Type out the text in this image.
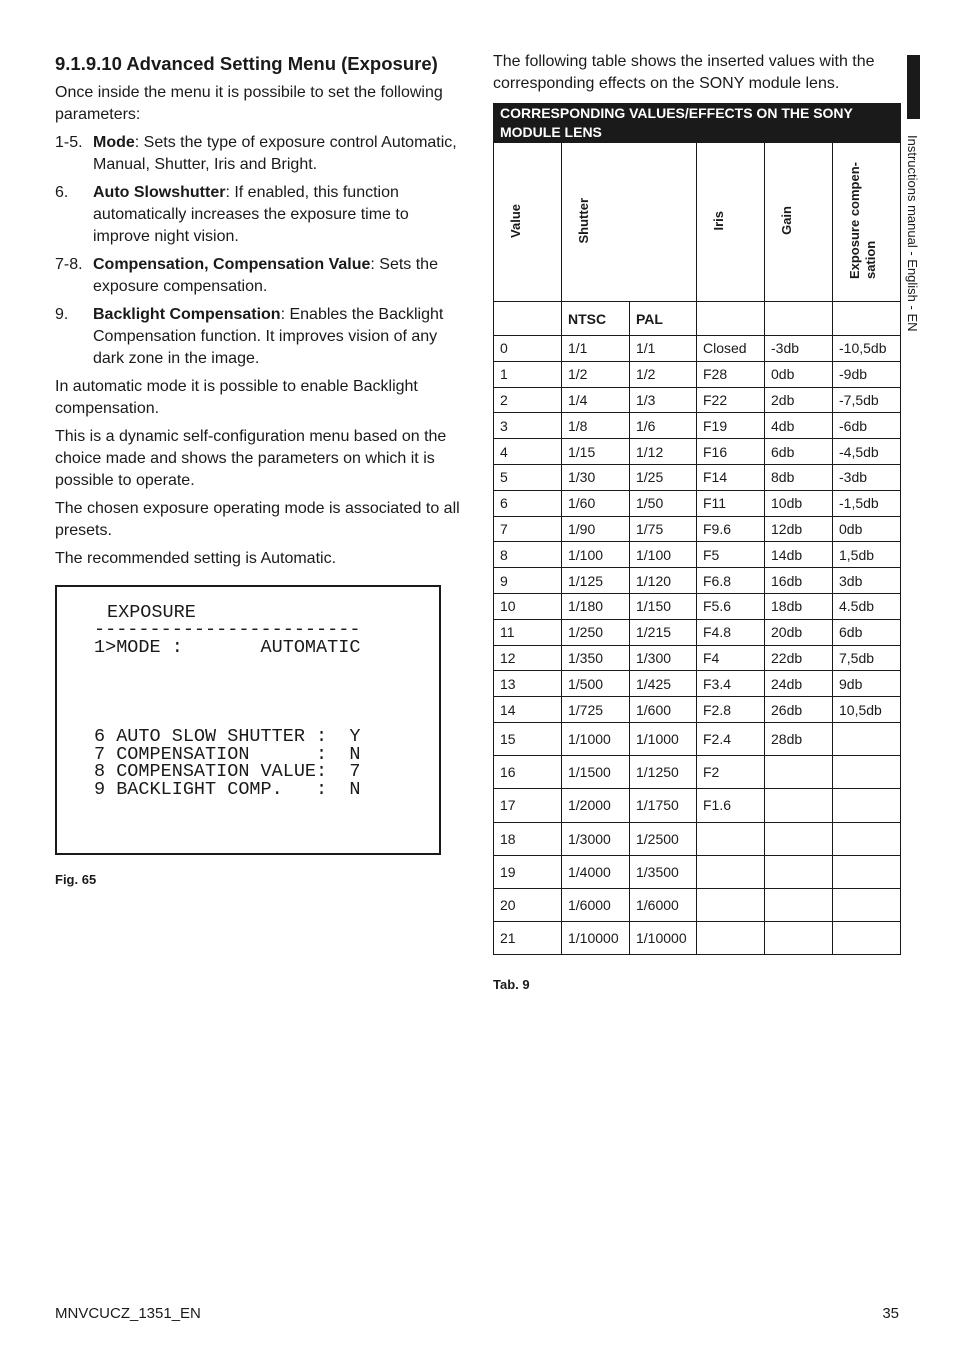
Instructions manual - English - EN
9.1.9.10 Advanced Setting Menu (Exposure)
Once inside the menu it is possibile to set the following parameters:
1-5. Mode: Sets the type of exposure control Automatic, Manual, Shutter, Iris and Bright.
6.	Auto Slowshutter: If enabled, this function automatically increases the exposure time to improve night vision.
7-8. Compensation, Compensation Value: Sets the exposure compensation.
9.	Backlight Compensation: Enables the Backlight Compensation function. It improves vision of any dark zone in the image.
In automatic mode it is possible to enable Backlight compensation.
This is a dynamic self-configuration menu based on the choice made and shows the parameters on which it is possible to operate.
The chosen exposure operating mode is associated to all presets.
The recommended setting is Automatic.
EXPOSURE
------------------------
1>MODE :       AUTOMATIC
6 AUTO SLOW SHUTTER :  Y
7 COMPENSATION      :  N
8 COMPENSATION VALUE:  7
9 BACKLIGHT COMP.   :  N
Fig. 65
The following table shows the inserted values with the corresponding effects on the SONY module lens.
CORRESPONDING VALUES/EFFECTS ON THE SONY MODULE LENS					
Value	Shutter		Iris	Gain	Exposure compen-
sation
	NTSC	PAL			
0	1/1	1/1	Closed	-3db	-10,5db
1	1/2	1/2	F28	0db	-9db
2	1/4	1/3	F22	2db	-7,5db
3	1/8	1/6	F19	4db	-6db
4	1/15	1/12	F16	6db	-4,5db
5	1/30	1/25	F14	8db	-3db
6	1/60	1/50	F11	10db	-1,5db
7	1/90	1/75	F9.6	12db	0db
8	1/100	1/100	F5	14db	1,5db
9	1/125	1/120	F6.8	16db	3db
10	1/180	1/150	F5.6	18db	4.5db
11	1/250	1/215	F4.8	20db	6db
12	1/350	1/300	F4	22db	7,5db
13	1/500	1/425	F3.4	24db	9db
14	1/725	1/600	F2.8	26db	10,5db
15	1/1000	1/1000	F2.4	28db	
16	1/1500	1/1250	F2		
17	1/2000	1/1750	F1.6		
18	1/3000	1/2500			
19	1/4000	1/3500			
20	1/6000	1/6000			
21	1/10000	1/10000			
Tab. 9
MNVCUCZ_1351_EN	35
